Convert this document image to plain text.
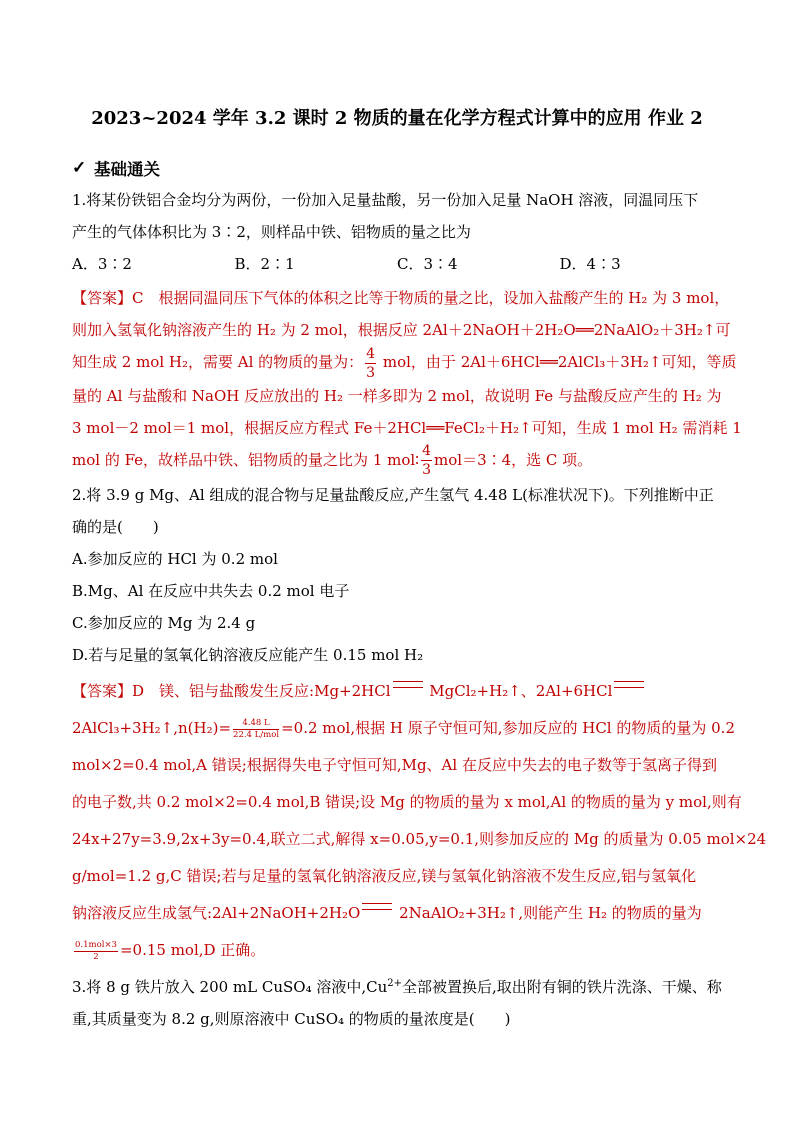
2023~2024 学年 3.2 课时 2 物质的量在化学方程式计算中的应用 作业 2
✓ 基础通关
1.将某份铁铝合金均分为两份，一份加入足量盐酸，另一份加入足量 NaOH 溶液，同温同压下
产生的气体体积比为 3∶2，则样品中铁、铝物质的量之比为
A．3∶2	B．2∶1	C．3∶4	D．4∶3
【答案】C　根据同温同压下气体的体积之比等于物质的量之比，设加入盐酸产生的 H₂ 为 3 mol，
则加入氢氧化钠溶液产生的 H₂ 为 2 mol，根据反应 2Al＋2NaOH＋2H₂O══2NaAlO₂＋3H₂↑可
知生成 2 mol H₂，需要 Al 的物质的量为： $\frac{4}{3}$ mol，由于 2Al＋6HCl══2AlCl₃＋3H₂↑可知，等质
量的 Al 与盐酸和 NaOH 反应放出的 H₂ 一样多即为 2 mol，故说明 Fe 与盐酸反应产生的 H₂ 为
3 mol－2 mol＝1 mol，根据反应方程式 Fe＋2HCl══FeCl₂＋H₂↑可知，生成 1 mol H₂ 需消耗 1
mol 的 Fe，故样品中铁、铝物质的量之比为 1 mol∶ $\frac{4}{3}$ mol＝3∶4，选 C 项。
2.将 3.9 g Mg、Al 组成的混合物与足量盐酸反应,产生氢气 4.48 L(标准状况下)。下列推断中正
确的是(　　)
A.参加反应的 HCl 为 0.2 mol
B.Mg、Al 在反应中共失去 0.2 mol 电子
C.参加反应的 Mg 为 2.4 g
D.若与足量的氢氧化钠溶液反应能产生 0.15 mol H₂
【答案】D　镁、铝与盐酸发生反应:Mg+2HCl	MgCl₂+H₂↑、2Al+6HCl
2AlCl₃+3H₂↑,n(H₂)= $\frac{4.48 L}{\text{22.4 L/mol}} =0.2$ mol,根据 H 原子守恒可知,参加反应的 HCl 的物质的量为 0.2
mol×2=0.4 mol,A 错误;根据得失电子守恒可知,Mg、Al 在反应中失去的电子数等于氢离子得到
的电子数,共 0.2 mol×2=0.4 mol,B 错误;设 Mg 的物质的量为 x mol,Al 的物质的量为 y mol,则有
24x+27y=3.9,2x+3y=0.4,联立二式,解得 x=0.05,y=0.1,则参加反应的 Mg 的质量为 0.05 mol×24
g/mol=1.2 g,C 错误;若与足量的氢氧化钠溶液反应,镁与氢氧化钠溶液不发生反应,铝与氢氧化
钠溶液反应生成氢气:2Al+2NaOH+2H₂O	2NaAlO₂+3H₂↑,则能产生 H₂ 的物质的量为
$\frac{\text{0.1mol×3}}{2} =0.15$ mol,D 正确。
3.将 8 g 铁片放入 200 mL CuSO₄ 溶液中$,Cu^{2+}$全部被置换后,取出附有铜的铁片洗涤、干燥、称
重,其质量变为 8.2 g,则原溶液中 CuSO₄ 的物质的量浓度是(　　)
